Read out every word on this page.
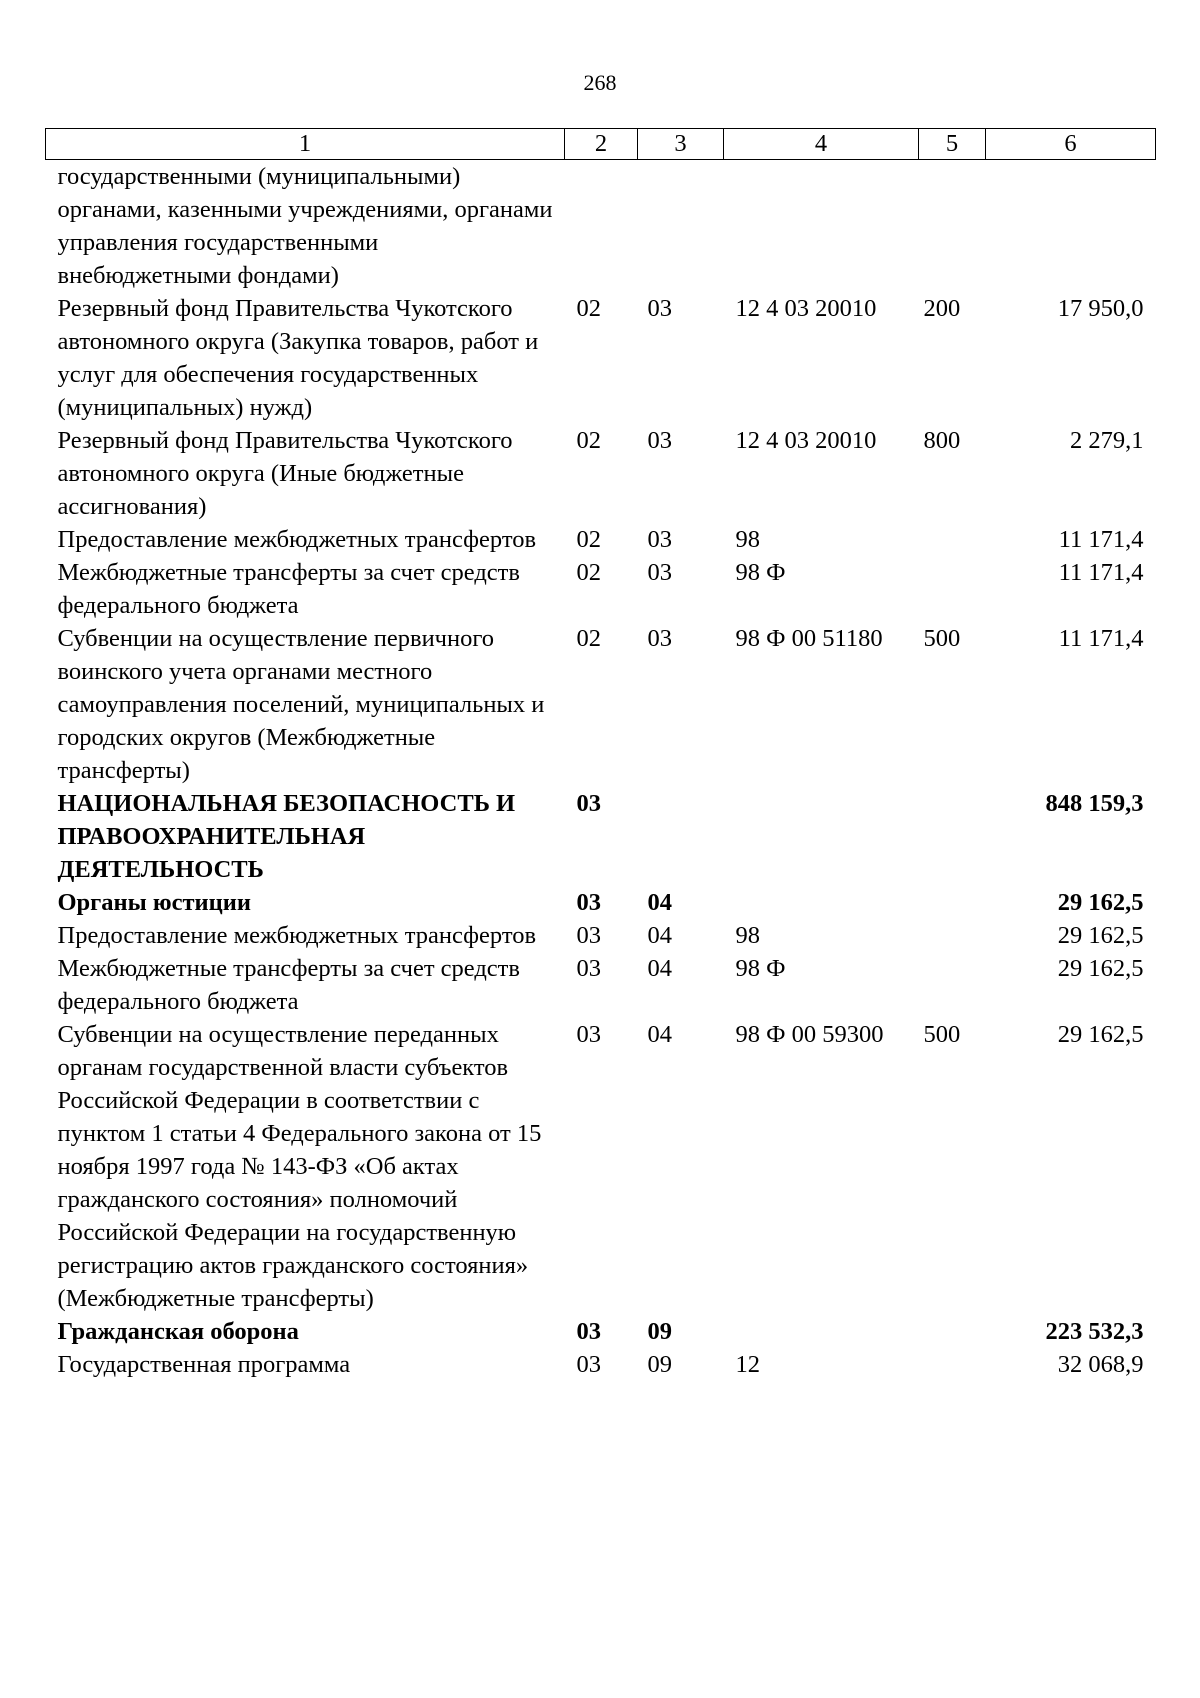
268
1	2	3	4	5	6
государственными (муниципальными) органами, казенными учреждениями, органами управления государственными внебюджетными фондами)					
Резервный фонд Правительства Чукотского автономного округа (Закупка товаров, работ и услуг для обеспечения государственных (муниципальных) нужд)	02	03	12 4 03 20010	200	17 950,0
Резервный фонд Правительства Чукотского автономного округа (Иные бюджетные ассигнования)	02	03	12 4 03 20010	800	2 279,1
Предоставление межбюджетных трансфертов	02	03	98		11 171,4
Межбюджетные трансферты за счет средств федерального бюджета	02	03	98 Ф		11 171,4
Субвенции на осуществление первичного воинского учета органами местного самоуправления поселений, муниципальных и городских округов (Межбюджетные трансферты)	02	03	98 Ф 00 51180	500	11 171,4
НАЦИОНАЛЬНАЯ БЕЗОПАСНОСТЬ И ПРАВООХРАНИТЕЛЬНАЯ ДЕЯТЕЛЬНОСТЬ	03				848 159,3
Органы юстиции	03	04			29 162,5
Предоставление межбюджетных трансфертов	03	04	98		29 162,5
Межбюджетные трансферты за счет средств федерального бюджета	03	04	98 Ф		29 162,5
Субвенции на осуществление переданных органам государственной власти субъектов Российской Федерации в соответствии с пунктом 1 статьи 4 Федерального закона от 15 ноября 1997 года № 143-ФЗ «Об актах гражданского состояния» полномочий Российской Федерации на государственную регистрацию актов гражданского состояния» (Межбюджетные трансферты)	03	04	98 Ф 00 59300	500	29 162,5
Гражданская оборона	03	09			223 532,3
Государственная программа	03	09	12		32 068,9
